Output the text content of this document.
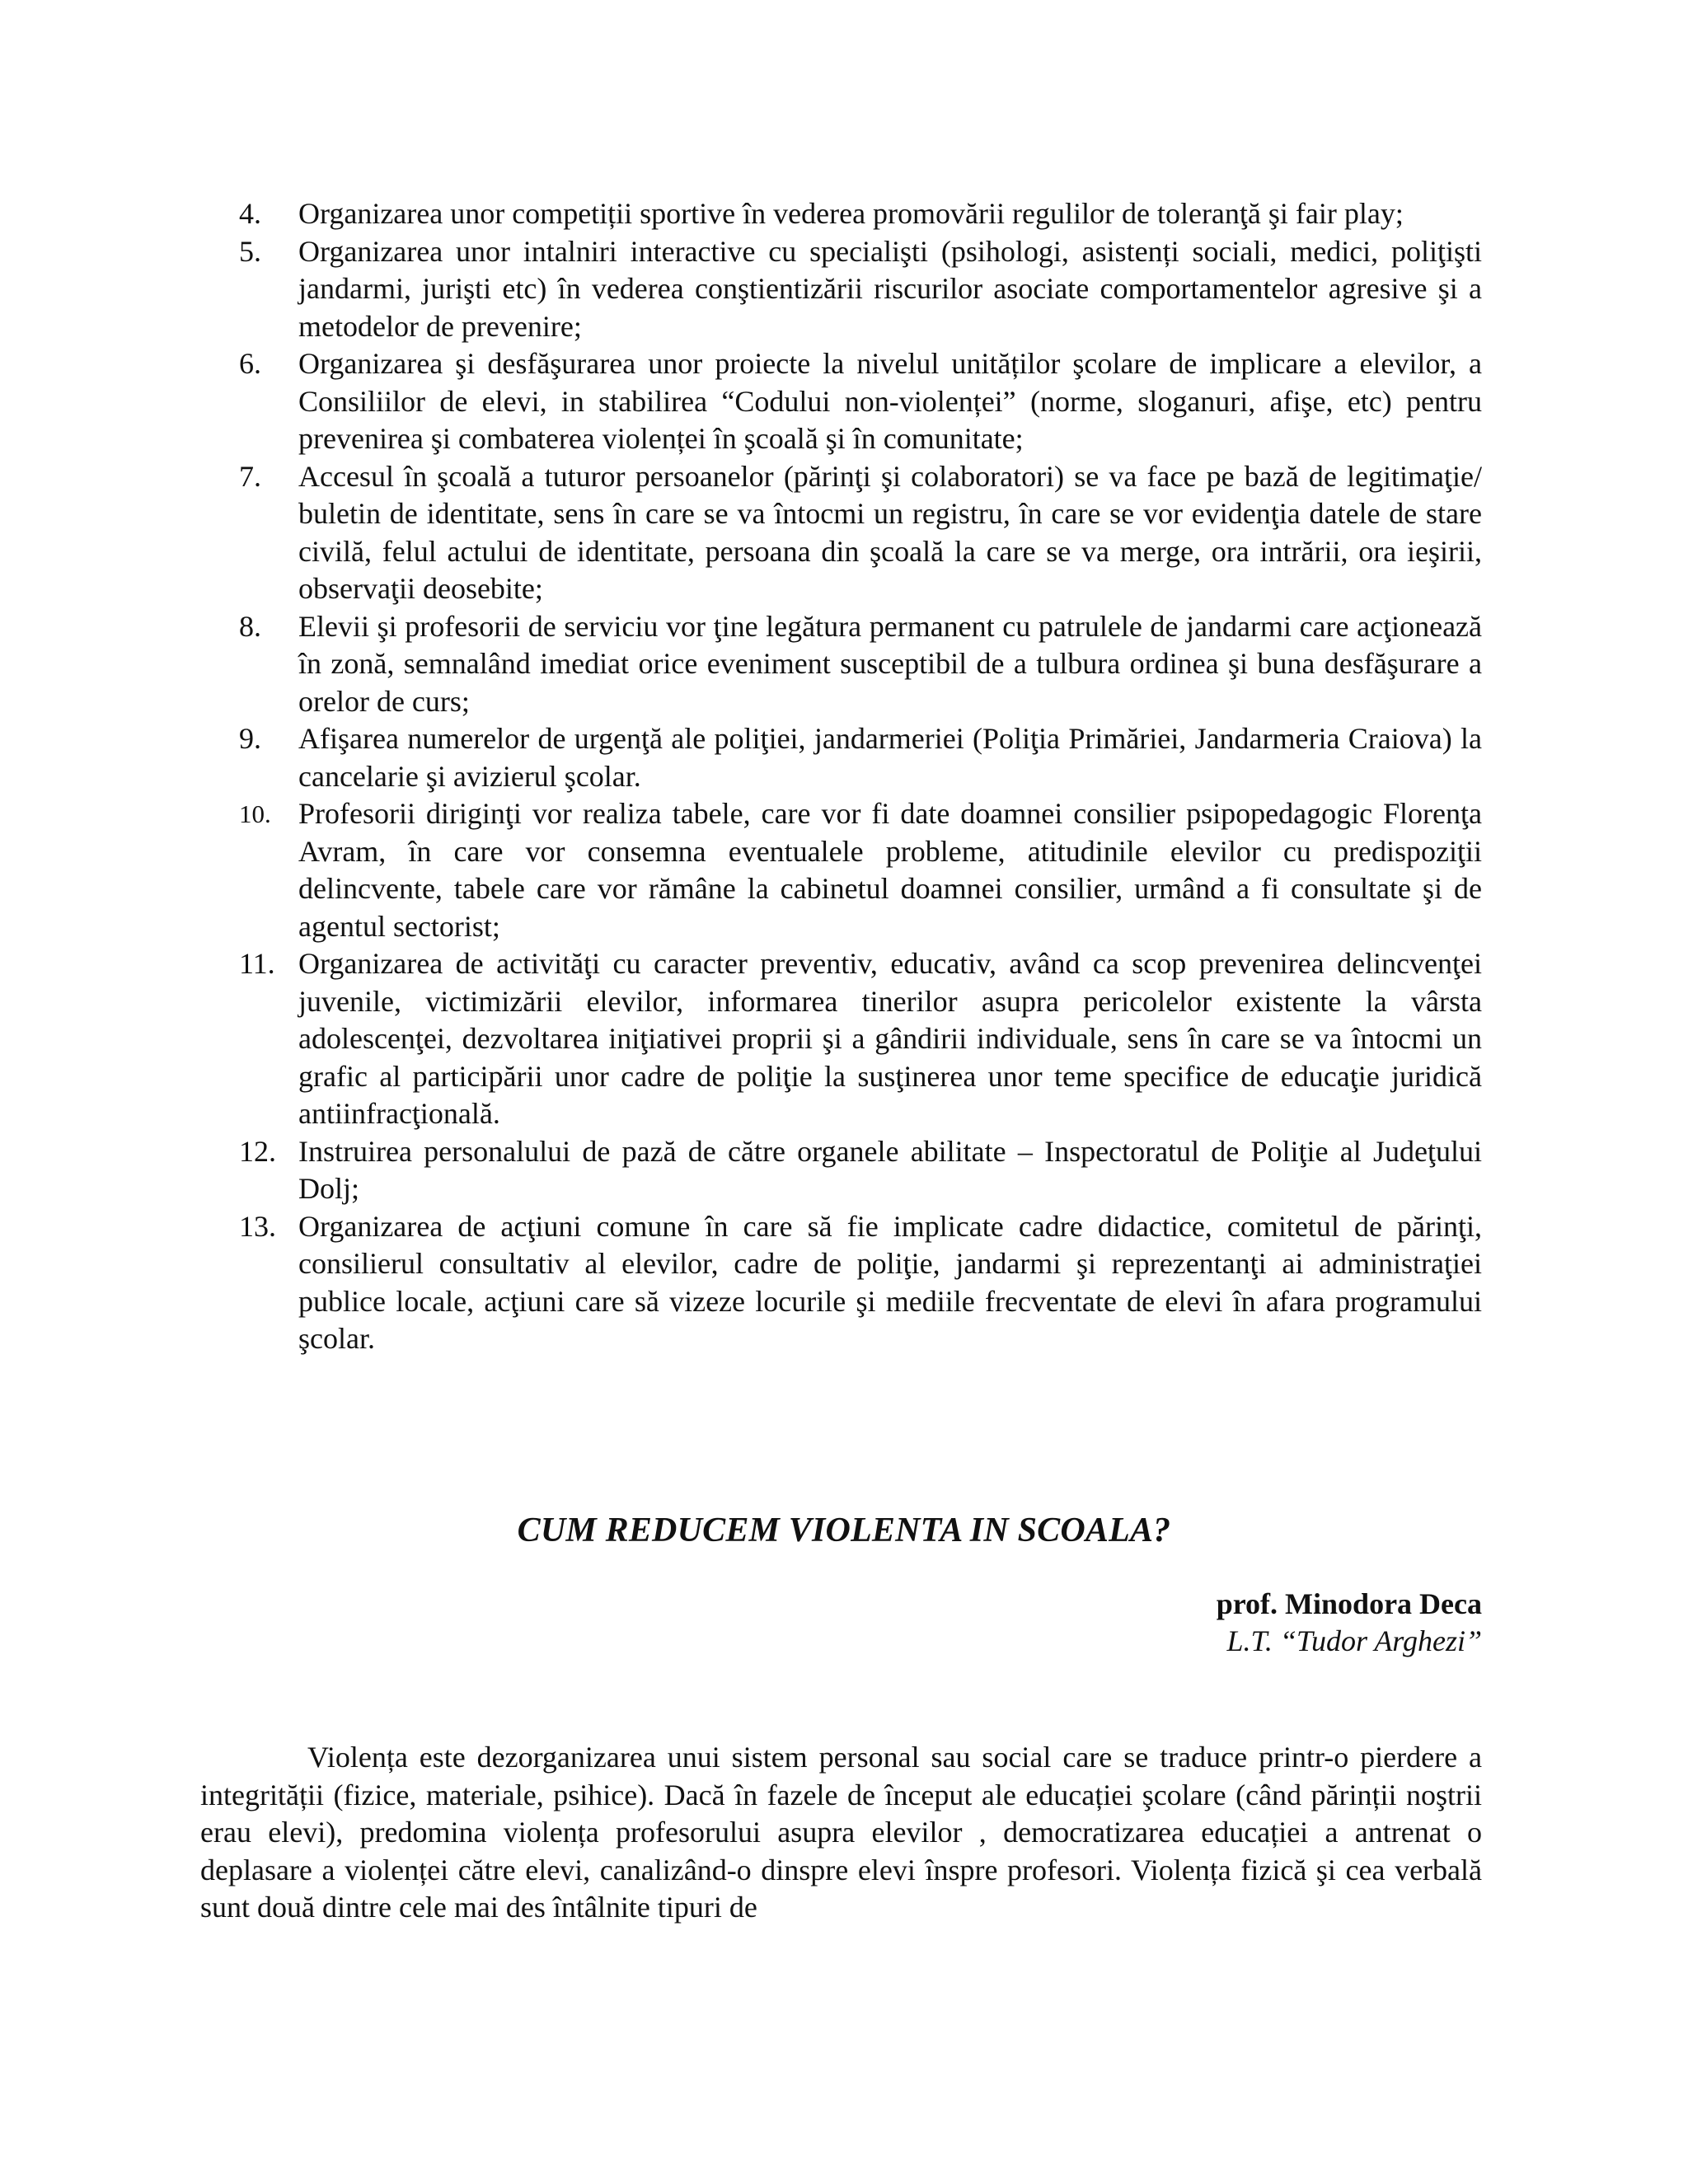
4.	Organizarea unor competiții sportive în vederea promovării regulilor de toleranţă şi fair play;
5.	Organizarea unor intalniri interactive cu specialişti (psihologi, asistenți sociali, medici, poliţişti jandarmi, jurişti etc) în vederea conştientizării riscurilor asociate comportamentelor agresive şi a metodelor de prevenire;
6.	Organizarea şi desfăşurarea unor proiecte la nivelul unităților şcolare de implicare a elevilor, a Consiliilor de elevi, in stabilirea “Codului non-violenței” (norme, sloganuri, afişe, etc) pentru prevenirea şi combaterea violenței în şcoală şi în comunitate;
7.	Accesul în şcoală a tuturor persoanelor (părinţi şi colaboratori) se va face pe bază de legitimaţie/ buletin de identitate, sens în care se va întocmi un registru, în care se vor evidenţia datele de stare civilă, felul actului de identitate, persoana din şcoală la care se va merge, ora intrării, ora ieşirii, observaţii deosebite;
8.	Elevii şi profesorii de serviciu vor ţine legătura permanent cu patrulele de jandarmi care acţionează în zonă, semnalând imediat orice eveniment susceptibil de a tulbura ordinea şi buna desfăşurare a orelor de curs;
9.	Afişarea numerelor de urgenţă ale poliţiei, jandarmeriei (Poliţia Primăriei, Jandarmeria Craiova) la cancelarie şi avizierul şcolar.
10. Profesorii diriginţi vor realiza tabele, care vor fi date doamnei consilier psipopedagogic Florenţa Avram, în care vor consemna eventualele probleme, atitudinile elevilor cu predispoziţii delincvente, tabele care vor rămâne la cabinetul doamnei consilier, urmând a fi consultate şi de agentul sectorist;
11. Organizarea de activităţi cu caracter preventiv, educativ, având ca scop prevenirea delincvenţei juvenile, victimizării elevilor, informarea tinerilor asupra pericolelor existente la vârsta adolescenţei, dezvoltarea iniţiativei proprii şi a gândirii individuale, sens în care se va întocmi un grafic al participării unor cadre de poliţie la susţinerea unor teme specifice de educaţie juridică antiinfracţională.
12. Instruirea personalului de pază de către organele abilitate – Inspectoratul de Poliţie al Judeţului Dolj;
13. Organizarea de acţiuni comune în care să fie implicate cadre didactice, comitetul de părinţi, consilierul consultativ al elevilor, cadre de poliţie, jandarmi şi reprezentanţi ai administraţiei publice locale, acţiuni care să vizeze locurile şi mediile frecventate de elevi în afara programului şcolar.
CUM REDUCEM VIOLENTA IN SCOALA?
prof. Minodora Deca
L.T. “Tudor Arghezi”

Violența este dezorganizarea unui sistem personal sau social care se traduce printr-o pierdere a integrității (fizice, materiale, psihice). Dacă în fazele de început ale educației şcolare (când părinții noştrii erau elevi), predomina violența profesorului asupra elevilor , democratizarea educației a antrenat o deplasare a violenței către elevi, canalizând-o dinspre elevi înspre profesori. Violența fizică şi cea verbală sunt două dintre cele mai des întâlnite tipuri de
